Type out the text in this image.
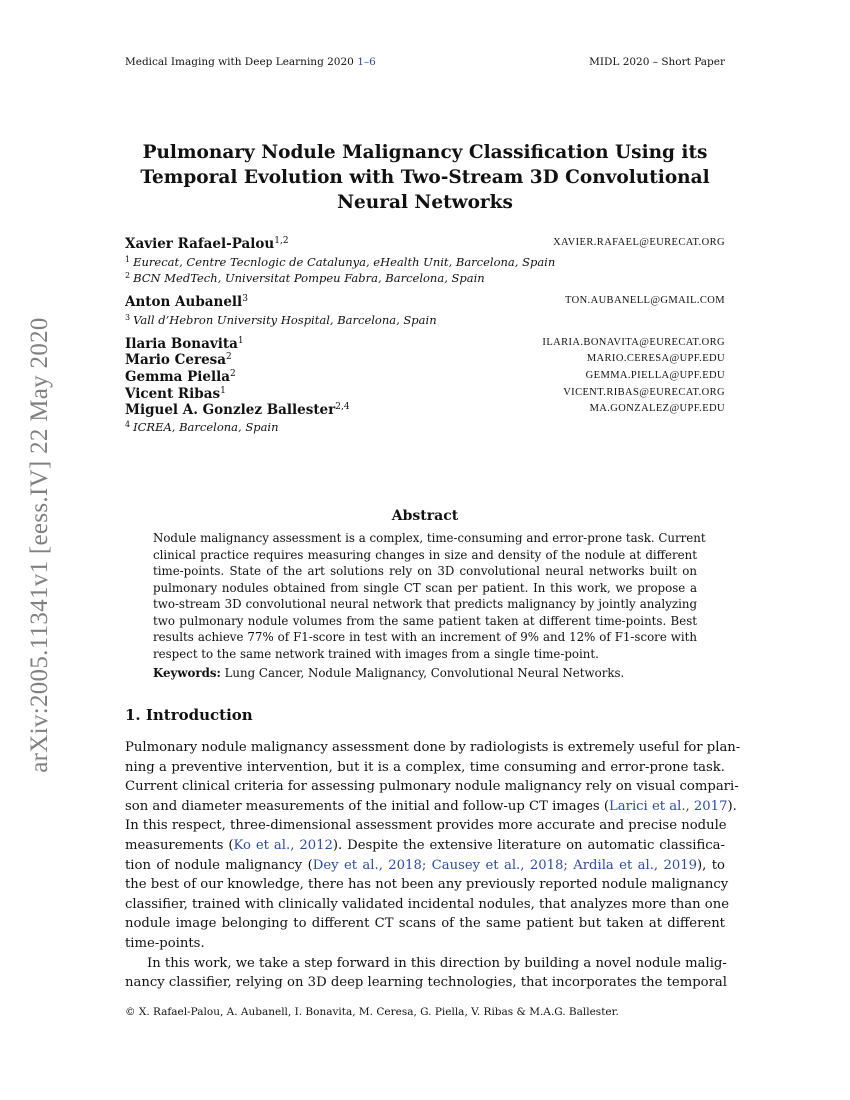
Medical Imaging with Deep Learning 2020 1–6	MIDL 2020 – Short Paper
arXiv:2005.11341v1 [eess.IV] 22 May 2020
Pulmonary Nodule Malignancy Classification Using its
Temporal Evolution with Two-Stream 3D Convolutional
Neural Networks
Xavier Rafael-Palou$^{1,2}$	XAVIER.RAFAEL@EURECAT.ORG
$^1$ Eurecat, Centre Tecnlogic de Catalunya, eHealth Unit, Barcelona, Spain
$^2$ BCN MedTech, Universitat Pompeu Fabra, Barcelona, Spain
Anton Aubanell$^3$	TON.AUBANELL@GMAIL.COM
$^3$ Vall d’Hebron University Hospital, Barcelona, Spain
Ilaria Bonavita$^1$	ILARIA.BONAVITA@EURECAT.ORG
Mario Ceresa$^2$	MARIO.CERESA@UPF.EDU
Gemma Piella$^2$	GEMMA.PIELLA@UPF.EDU
Vicent Ribas$^1$	VICENT.RIBAS@EURECAT.ORG
Miguel A. Gonzlez Ballester$^{2,4}$	MA.GONZALEZ@UPF.EDU
$^4$ ICREA, Barcelona, Spain
Abstract
Nodule malignancy assessment is a complex, time-consuming and error-prone task. Current
clinical practice requires measuring changes in size and density of the nodule at different
time-points. State of the art solutions rely on 3D convolutional neural networks built on
pulmonary nodules obtained from single CT scan per patient. In this work, we propose a
two-stream 3D convolutional neural network that predicts malignancy by jointly analyzing
two pulmonary nodule volumes from the same patient taken at different time-points. Best
results achieve 77% of F1-score in test with an increment of 9% and 12% of F1-score with
respect to the same network trained with images from a single time-point.
Keywords: Lung Cancer, Nodule Malignancy, Convolutional Neural Networks.
1. Introduction
Pulmonary nodule malignancy assessment done by radiologists is extremely useful for plan-
ning a preventive intervention, but it is a complex, time consuming and error-prone task.
Current clinical criteria for assessing pulmonary nodule malignancy rely on visual compari-
son and diameter measurements of the initial and follow-up CT images (Larici et al., 2017).
In this respect, three-dimensional assessment provides more accurate and precise nodule
measurements (Ko et al., 2012). Despite the extensive literature on automatic classifica-
tion of nodule malignancy (Dey et al., 2018; Causey et al., 2018; Ardila et al., 2019), to
the best of our knowledge, there has not been any previously reported nodule malignancy
classifier, trained with clinically validated incidental nodules, that analyzes more than one
nodule image belonging to different CT scans of the same patient but taken at different
time-points.
In this work, we take a step forward in this direction by building a novel nodule malig-
nancy classifier, relying on 3D deep learning technologies, that incorporates the temporal
© X. Rafael-Palou, A. Aubanell, I. Bonavita, M. Ceresa, G. Piella, V. Ribas & M.A.G. Ballester.
